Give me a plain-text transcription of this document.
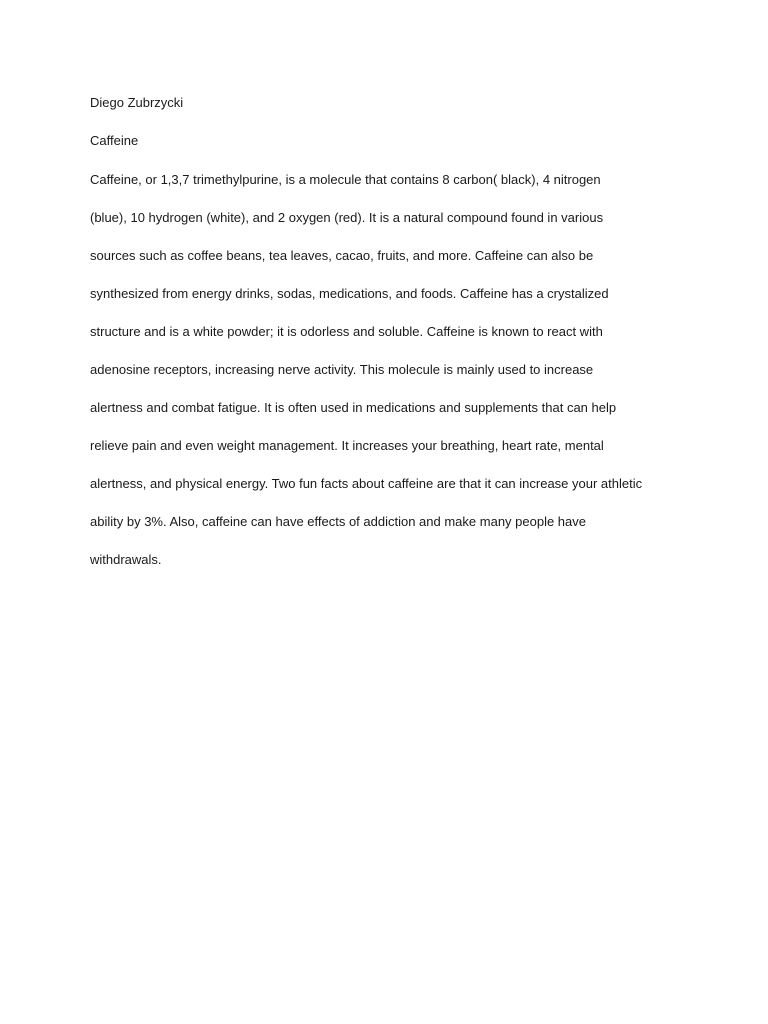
Diego Zubrzycki

Caffeine
Caffeine, or 1,3,7 trimethylpurine, is a molecule that contains 8 carbon( black), 4 nitrogen
(blue), 10 hydrogen (white), and 2 oxygen (red). It is a natural compound found in various
sources such as coffee beans, tea leaves, cacao, fruits, and more. Caffeine can also be
synthesized from energy drinks, sodas, medications, and foods. Caffeine has a crystalized
structure and is a white powder; it is odorless and soluble. Caffeine is known to react with
adenosine receptors, increasing nerve activity. This molecule is mainly used to increase
alertness and combat fatigue. It is often used in medications and supplements that can help
relieve pain and even weight management. It increases your breathing, heart rate, mental
alertness, and physical energy. Two fun facts about caffeine are that it can increase your athletic
ability by 3%. Also, caffeine can have effects of addiction and make many people have
withdrawals.
